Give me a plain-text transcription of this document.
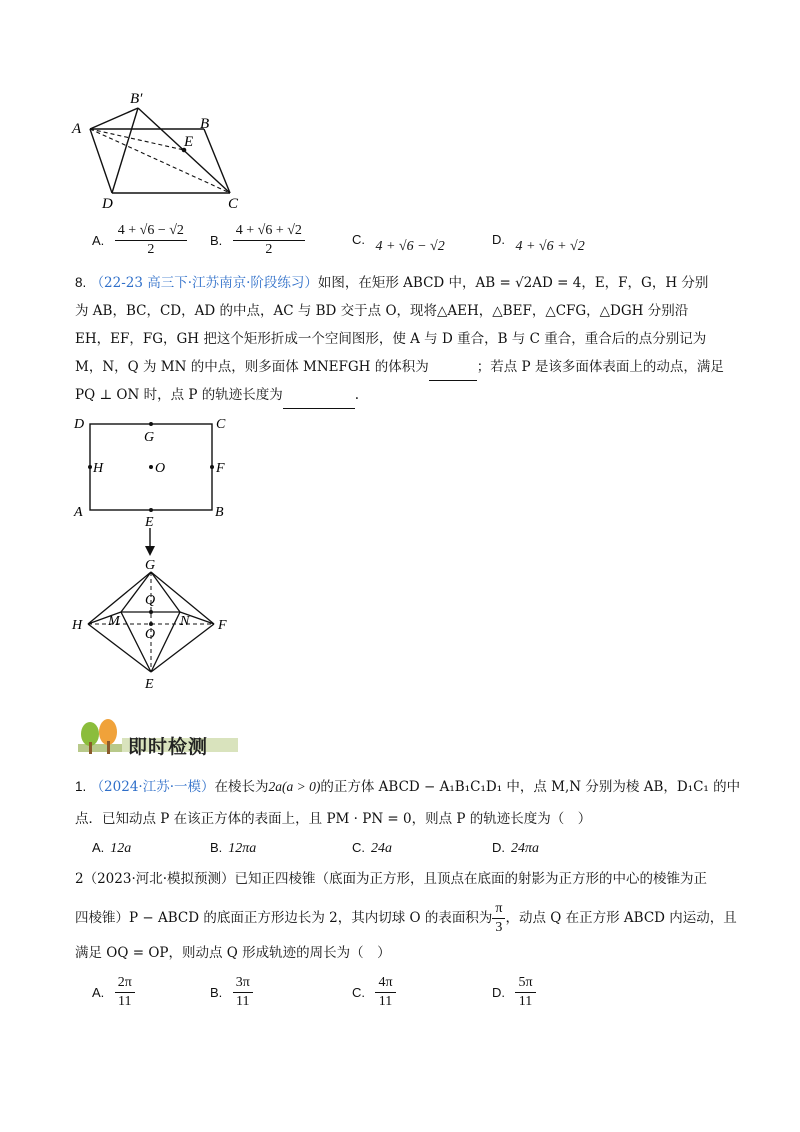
A
B′
B
E
D	C
A. $\frac{4 + √6 - √2}{2} B$. $\frac{4 + √6 + √2}{2}$	C. 4 + √6 − √2	D. 4 + √6 + √2
8. （22-23 高三下·江苏南京·阶段练习）如图，在矩形 ABCD 中，AB = √2AD = 4，E，F，G，H 分别
为 AB，BC，CD，AD 的中点，AC 与 BD 交于点 O，现将△AEH，△BEF，△CFG，△DGH 分别沿
EH，EF，FG，GH 把这个矩形折成一个空间图形，使 A 与 D 重合，B 与 C 重合，重合后的点分别记为
M，N，Q 为 MN 的中点，则多面体 MNEFGH 的体积为	；若点 P 是该多面体表面上的动点，满足
PQ ⊥ ON 时，点 P 的轨迹长度为	.
D
G
C
H	O	F
A
E
B
G
Q
H M	N F
O
E
即时检测
1. （2024·江苏·一模）在棱长为2a(a > 0)的正方体 ABCD − A₁B₁C₁D₁ 中，点 M,N 分别为棱 AB，D₁C₁ 的中
点．已知动点 P 在该正方体的表面上，且 PM · PN = 0，则点 P 的轨迹长度为（　）
A. 12a	B. 12πa	C. 24a	D. 24πa
2（2023·河北·模拟预测）已知正四棱锥（底面为正方形，且顶点在底面的射影为正方形的中心的棱锥为正
四棱锥）P − ABCD 的底面正方形边长为 2，其内切球 O 的表面积为 $\frac{\pi}{3}$ ，动点 Q 在正方形 ABCD 内运动，且
满足 OQ = OP，则动点 Q 形成轨迹的周长为（　）
A. $\frac{2\pi}{11}$	B. $\frac{3\pi}{11}$	C. $\frac{4\pi}{11}$	D. $\frac{5\pi}{11}$
